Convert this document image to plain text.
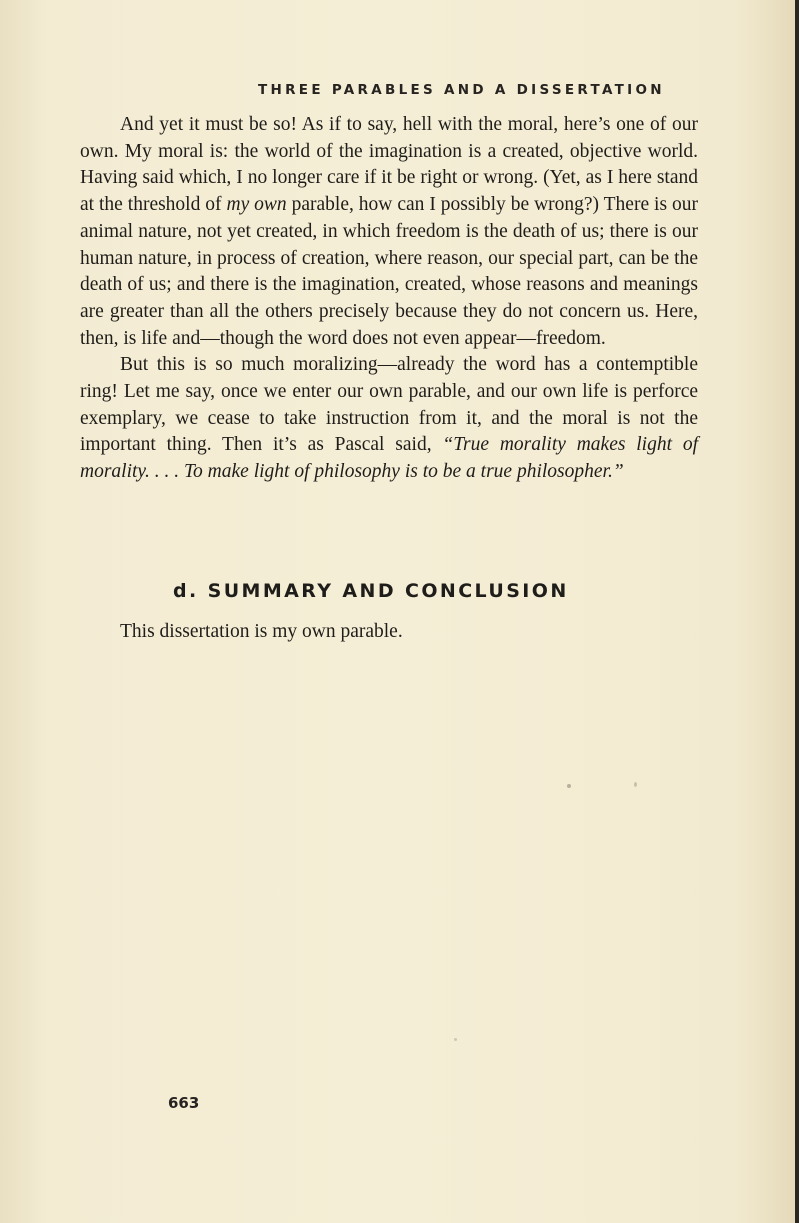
THREE PARABLES AND A DISSERTATION

And yet it must be so! As if to say, hell with the moral, here’s one of our own. My moral is: the world of the imagination is a created, objective world. Having said which, I no longer care if it be right or wrong. (Yet, as I here stand at the threshold of my own parable, how can I possibly be wrong?) There is our animal nature, not yet created, in which freedom is the death of us; there is our human nature, in process of creation, where reason, our special part, can be the death of us; and there is the imagination, created, whose reasons and meanings are greater than all the others precisely because they do not concern us. Here, then, is life and—though the word does not even appear—freedom.

But this is so much moralizing—already the word has a contemptible ring! Let me say, once we enter our own parable, and our own life is perforce exemplary, we cease to take instruction from it, and the moral is not the important thing. Then it’s as Pascal said, “True morality makes light of morality. . . . To make light of philosophy is to be a true philosopher.”

d. SUMMARY AND CONCLUSION
This dissertation is my own parable.
663
